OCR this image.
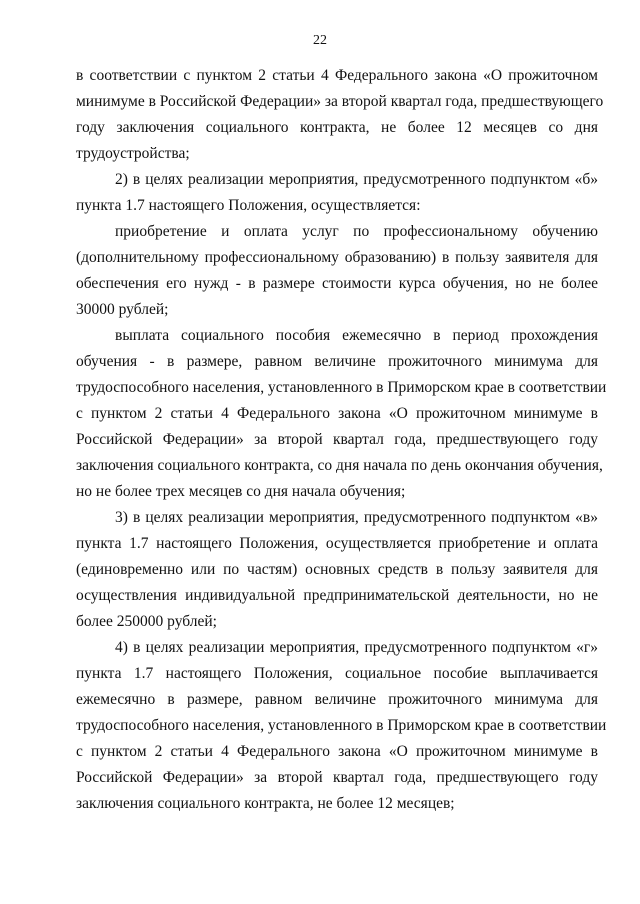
22
в соответствии с пунктом 2 статьи 4 Федерального закона «О прожиточном
минимуме в Российской Федерации» за второй квартал года, предшествующего
году заключения социального контракта, не более 12 месяцев со дня
трудоустройства;
2) в целях реализации мероприятия, предусмотренного подпунктом «б»
пункта 1.7 настоящего Положения, осуществляется:
приобретение и оплата услуг по профессиональному обучению
(дополнительному профессиональному образованию) в пользу заявителя для
обеспечения его нужд - в размере стоимости курса обучения, но не более
30000 рублей;
выплата социального пособия ежемесячно в период прохождения
обучения - в размере, равном величине прожиточного минимума для
трудоспособного населения, установленного в Приморском крае в соответствии
с пунктом 2 статьи 4 Федерального закона «О прожиточном минимуме в
Российской Федерации» за второй квартал года, предшествующего году
заключения социального контракта, со дня начала по день окончания обучения,
но не более трех месяцев со дня начала обучения;
3) в целях реализации мероприятия, предусмотренного подпунктом «в»
пункта 1.7 настоящего Положения, осуществляется приобретение и оплата
(единовременно или по частям) основных средств в пользу заявителя для
осуществления индивидуальной предпринимательской деятельности, но не
более 250000 рублей;
4) в целях реализации мероприятия, предусмотренного подпунктом «г»
пункта 1.7 настоящего Положения, социальное пособие выплачивается
ежемесячно в размере, равном величине прожиточного минимума для
трудоспособного населения, установленного в Приморском крае в соответствии
с пунктом 2 статьи 4 Федерального закона «О прожиточном минимуме в
Российской Федерации» за второй квартал года, предшествующего году
заключения социального контракта, не более 12 месяцев;
